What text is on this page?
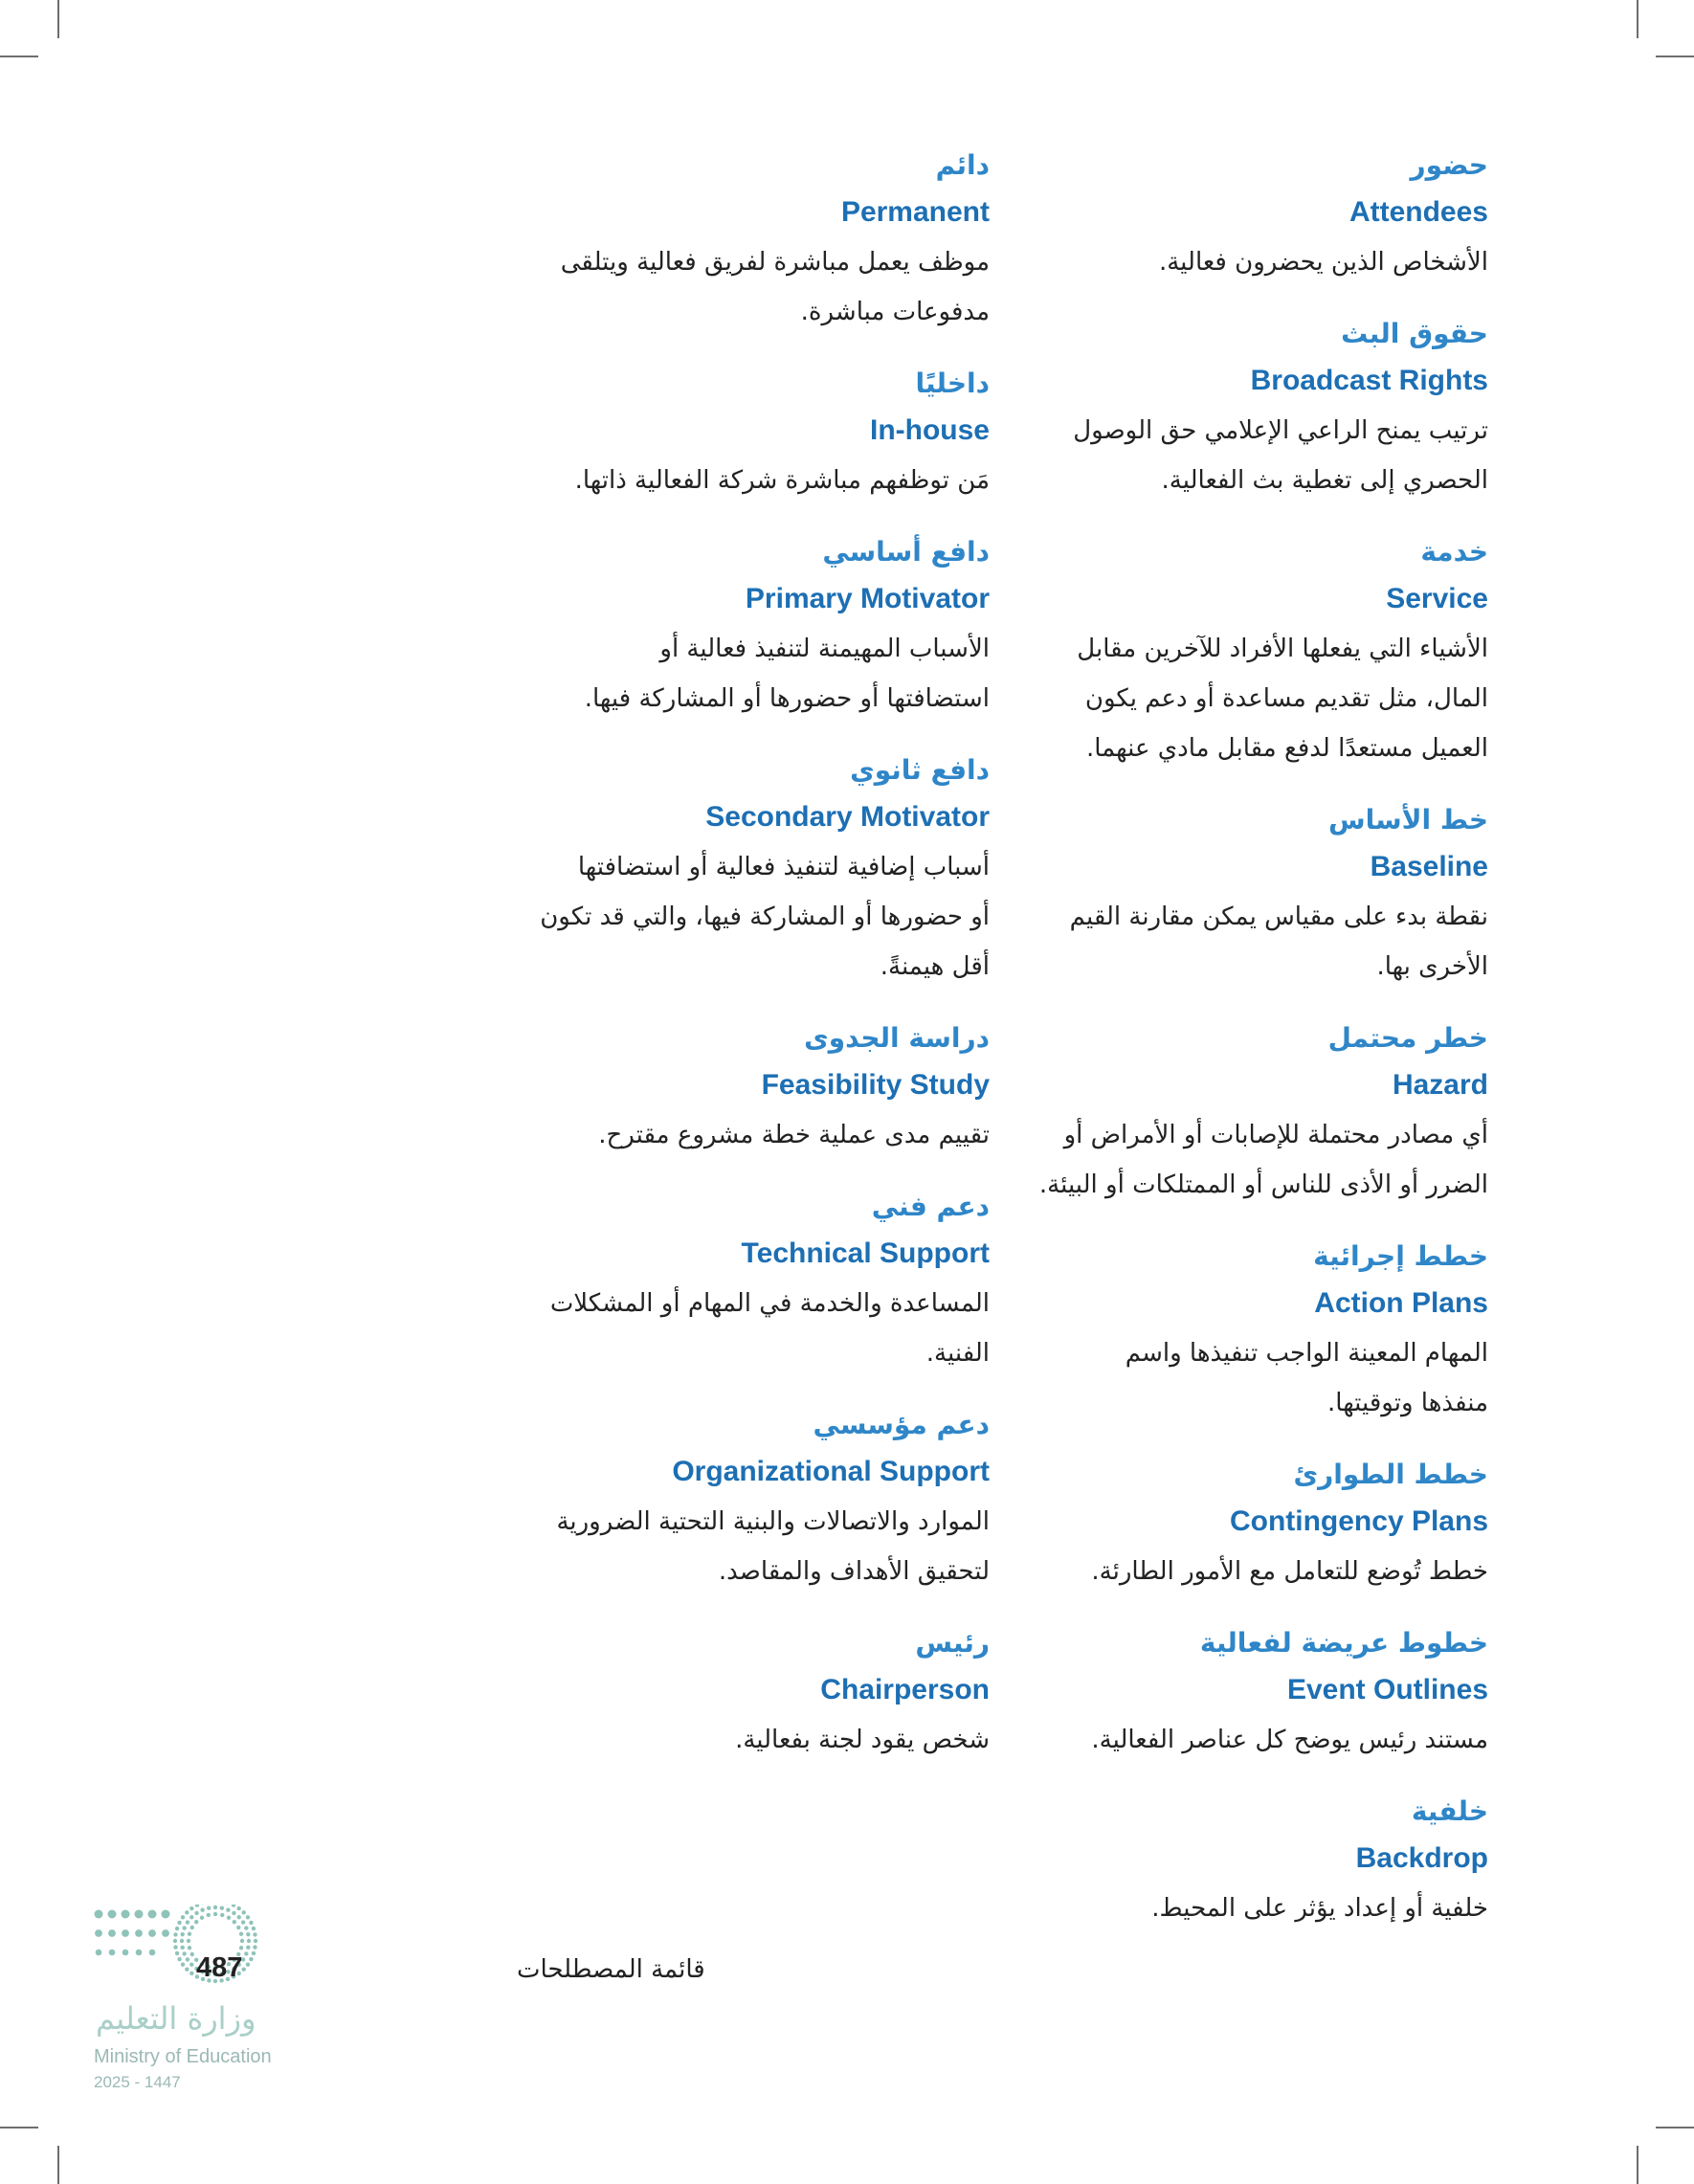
حضور
Attendees
الأشخاص الذين يحضرون فعالية.
حقوق البث
Broadcast Rights
ترتيب يمنح الراعي الإعلامي حق الوصول
الحصري إلى تغطية بث الفعالية.
خدمة
Service
الأشياء التي يفعلها الأفراد للآخرين مقابل
المال، مثل تقديم مساعدة أو دعم يكون
العميل مستعدًا لدفع مقابل مادي عنهما.
خط الأساس
Baseline
نقطة بدء على مقياس يمكن مقارنة القيم
الأخرى بها.
خطر محتمل
Hazard
أي مصادر محتملة للإصابات أو الأمراض أو
الضرر أو الأذى للناس أو الممتلكات أو البيئة.
خطط إجرائية
Action Plans
المهام المعينة الواجب تنفيذها واسم
منفذها وتوقيتها.
خطط الطوارئ
Contingency Plans
خطط تُوضع للتعامل مع الأمور الطارئة.
خطوط عريضة لفعالية
Event Outlines
مستند رئيس يوضح كل عناصر الفعالية.
خلفية
Backdrop
خلفية أو إعداد يؤثر على المحيط.
دائم
Permanent
موظف يعمل مباشرة لفريق فعالية ويتلقى
مدفوعات مباشرة.
داخليًا
In-house
مَن توظفهم مباشرة شركة الفعالية ذاتها.
دافع أساسي
Primary Motivator
الأسباب المهيمنة لتنفيذ فعالية أو
استضافتها أو حضورها أو المشاركة فيها.
دافع ثانوي
Secondary Motivator
أسباب إضافية لتنفيذ فعالية أو استضافتها
أو حضورها أو المشاركة فيها، والتي قد تكون
أقل هيمنةً.
دراسة الجدوى
Feasibility Study
تقييم مدى عملية خطة مشروع مقترح.
دعم فني
Technical Support
المساعدة والخدمة في المهام أو المشكلات
الفنية.
دعم مؤسسي
Organizational Support
الموارد والاتصالات والبنية التحتية الضرورية
لتحقيق الأهداف والمقاصد.
رئيس
Chairperson
شخص يقود لجنة بفعالية.
قائمة المصطلحات
487
وزارة التعليم
Ministry of Education
2025 - 1447
